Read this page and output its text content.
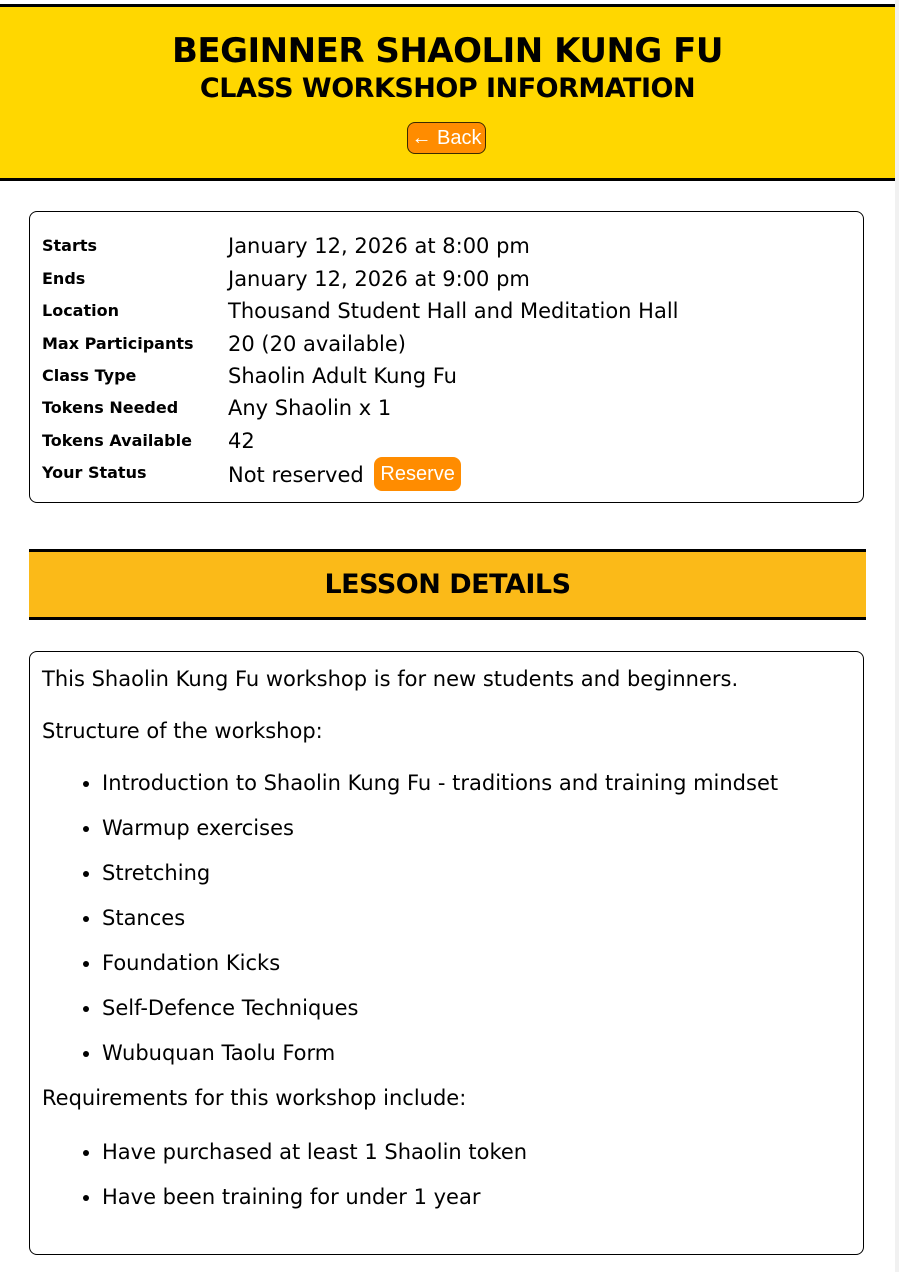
BEGINNER SHAOLIN KUNG FU
CLASS WORKSHOP INFORMATION
← Back
Starts	January 12, 2026 at 8:00 pm
Ends	January 12, 2026 at 9:00 pm
Location	Thousand Student Hall and Meditation Hall
Max Participants 20 (20 available)
Class Type	Shaolin Adult Kung Fu
Tokens Needed Any Shaolin x 1
Tokens Available 42
Your Status	Not reserved Reserve
LESSON DETAILS

This Shaolin Kung Fu workshop is for new students and beginners.

Structure of the workshop:

• Introduction to Shaolin Kung Fu - traditions and training mindset
• Warmup exercises
• Stretching
• Stances
• Foundation Kicks
• Self-Defence Techniques
• Wubuquan Taolu Form

Requirements for this workshop include:

• Have purchased at least 1 Shaolin token
• Have been training for under 1 year
